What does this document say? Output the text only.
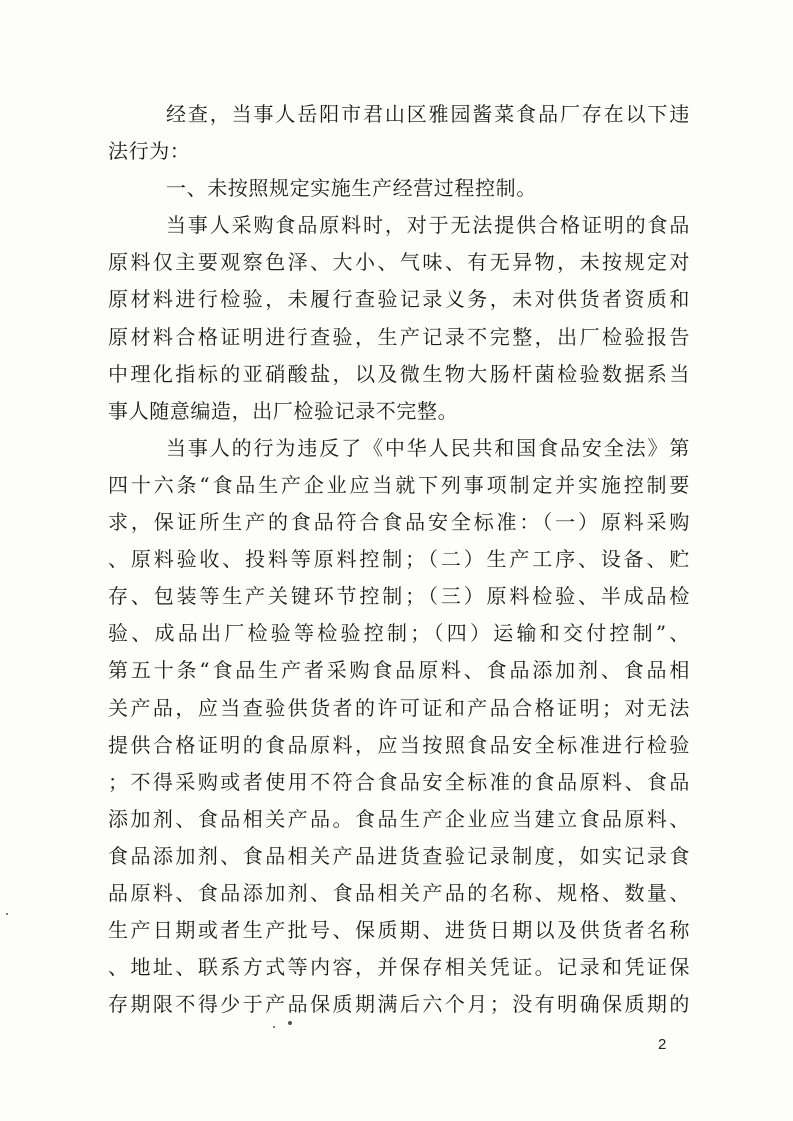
经查，当事人岳阳市君山区雅园酱菜食品厂存在以下违
法行为：
一、未按照规定实施生产经营过程控制。
当事人采购食品原料时，对于无法提供合格证明的食品
原料仅主要观察色泽、大小、气味、有无异物，未按规定对
原材料进行检验，未履行查验记录义务，未对供货者资质和
原材料合格证明进行查验，生产记录不完整，出厂检验报告
中理化指标的亚硝酸盐，以及微生物大肠杆菌检验数据系当
事人随意编造，出厂检验记录不完整。
当事人的行为违反了《中华人民共和国食品安全法》第
四十六条“食品生产企业应当就下列事项制定并实施控制要
求，保证所生产的食品符合食品安全标准：（一）原料采购
、原料验收、投料等原料控制；（二）生产工序、设备、贮
存、包装等生产关键环节控制；（三）原料检验、半成品检
验、成品出厂检验等检验控制；（四）运输和交付控制”、
第五十条“食品生产者采购食品原料、食品添加剂、食品相
关产品，应当查验供货者的许可证和产品合格证明；对无法
提供合格证明的食品原料，应当按照食品安全标准进行检验
；不得采购或者使用不符合食品安全标准的食品原料、食品
添加剂、食品相关产品。食品生产企业应当建立食品原料、
食品添加剂、食品相关产品进货查验记录制度，如实记录食
品原料、食品添加剂、食品相关产品的名称、规格、数量、
生产日期或者生产批号、保质期、进货日期以及供货者名称
、地址、联系方式等内容，并保存相关凭证。记录和凭证保
存期限不得少于产品保质期满后六个月；没有明确保质期的
2
